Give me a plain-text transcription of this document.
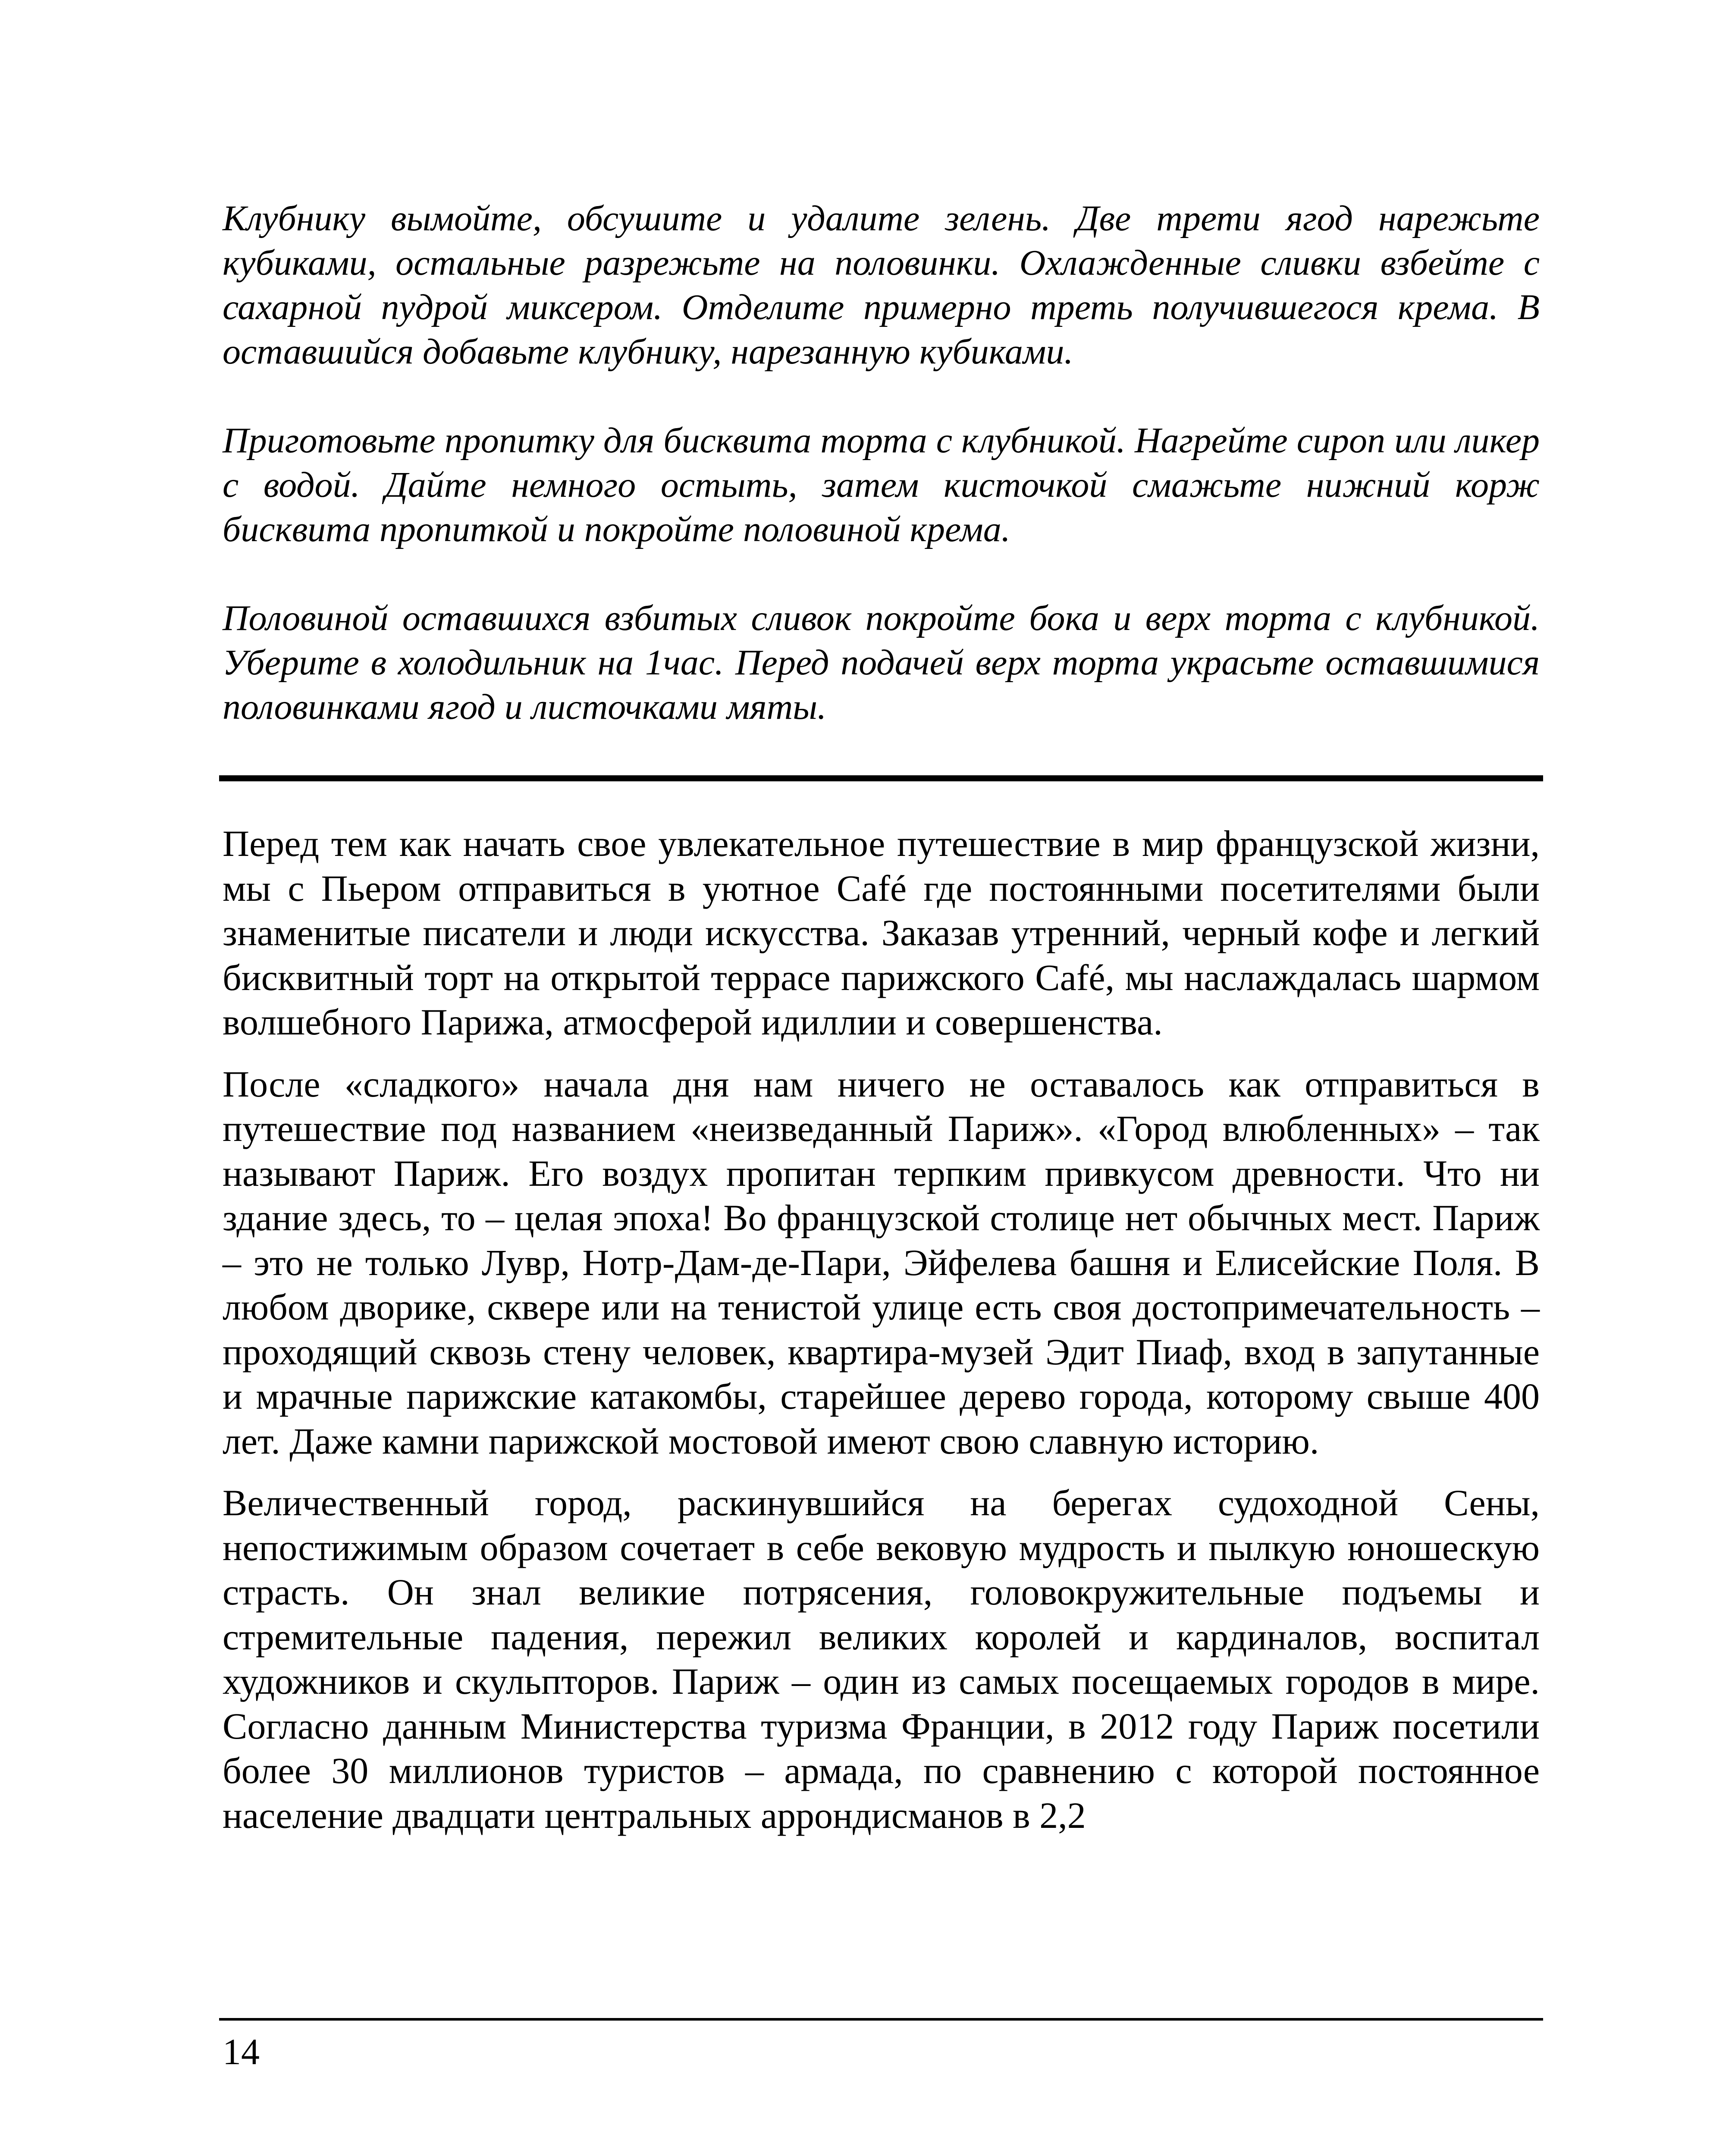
Клубнику вымойте, обсушите и удалите зелень. Две трети ягод нарежьте кубиками, остальные разрежьте на половинки. Охлажденные сливки взбейте с сахарной пудрой миксером. Отделите примерно треть получившегося крема. В оставшийся добавьте клубнику, нарезанную кубиками.

Приготовьте пропитку для бисквита торта с клубникой. Нагрейте сироп или ликер с водой. Дайте немного остыть, затем кисточкой смажьте нижний корж бисквита пропиткой и покройте половиной крема.

Половиной оставшихся взбитых сливок покройте бока и верх торта с клубникой. Уберите в холодильник на 1час. Перед подачей верх торта украсьте оставшимися половинками ягод и листочками мяты.

Перед тем как начать свое увлекательное путешествие в мир французской жизни, мы с Пьером отправиться в уютное Café где постоянными посетителями были знаменитые писатели и люди искусства. Заказав утренний, черный кофе и легкий бисквитный торт на открытой террасе парижского Café, мы наслаждалась шармом волшебного Парижа, атмосферой идиллии и совершенства.

После «сладкого» начала дня нам ничего не оставалось как отправиться в путешествие под названием «неизведанный Париж». «Город влюбленных» – так называют Париж. Его воздух пропитан терпким привкусом древности. Что ни здание здесь, то – целая эпоха! Во французской столице нет обычных мест. Париж – это не только Лувр, Нотр-Дам-де-Пари, Эйфелева башня и Елисейские Поля. В любом дворике, сквере или на тенистой улице есть своя достопримечательность – проходящий сквозь стену человек, квартира-музей Эдит Пиаф, вход в запутанные и мрачные парижские катакомбы, старейшее дерево города, которому свыше 400 лет. Даже камни парижской мостовой имеют свою славную историю.

Величественный город, раскинувшийся на берегах судоходной Сены, непостижимым образом сочетает в себе вековую мудрость и пылкую юношескую страсть. Он знал великие потрясения, головокружительные подъемы и стремительные падения, пережил великих королей и кардиналов, воспитал художников и скульпторов. Париж – один из самых посещаемых городов в мире. Согласно данным Министерства туризма Франции, в 2012 году Париж посетили более 30 миллионов туристов – армада, по сравнению с которой постоянное население двадцати центральных аррондисманов в 2,2

14
